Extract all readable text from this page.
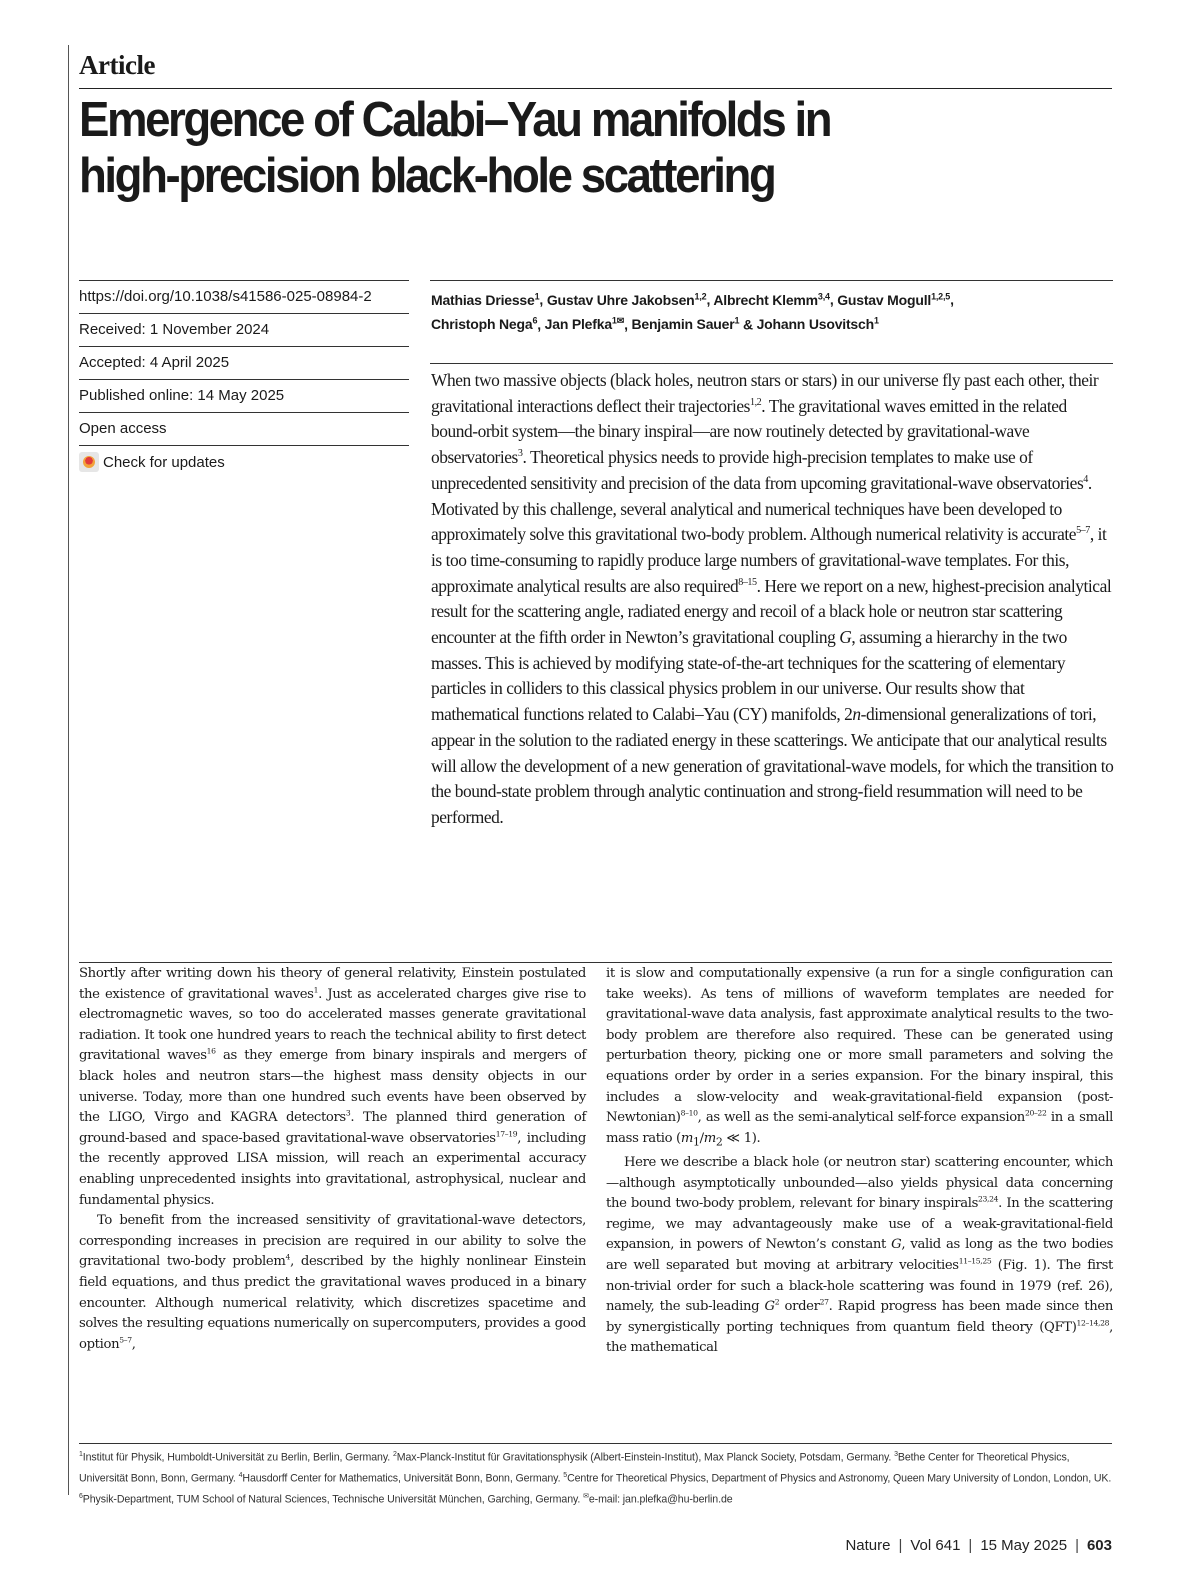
Article
Emergence of Calabi–Yau manifolds in
high-precision black-hole scattering
https://doi.org/10.1038/s41586-025-08984-2
Received: 1 November 2024
Accepted: 4 April 2025
Published online: 14 May 2025
Open access
Check for updates
Mathias Driesse$^1$, Gustav Uhre Jakobsen$^{1,2}$, Albrecht Klemm$^{3,4}$, Gustav Mogull$^{1,2,5}$,
Christoph Nega$^6$, Jan Plefka$^{1✉}$, Benjamin Sauer$^1$ & Johann Usovitsch$^1$
When two massive objects (black holes, neutron stars or stars) in our universe fly past each other, their gravitational interactions deflect their trajectories$^{1,2}$. The gravitational waves emitted in the related bound-orbit system—the binary inspiral—are now routinely detected by gravitational-wave observatories$^3$. Theoretical physics needs to provide high-precision templates to make use of unprecedented sensitivity and precision of the data from upcoming gravitational-wave observatories$^4$. Motivated by this challenge, several analytical and numerical techniques have been developed to approximately solve this gravitational two-body problem. Although numerical relativity is accurate$^{5-7}$, it is too time-consuming to rapidly produce large numbers of gravitational-wave templates. For this, approximate analytical results are also required$^{8-15}$. Here we report on a new, highest-precision analytical result for the scattering angle, radiated energy and recoil of a black hole or neutron star scattering encounter at the fifth order in Newton’s gravitational coupling G, assuming a hierarchy in the two masses. This is achieved by modifying state-of-the-art techniques for the scattering of elementary particles in colliders to this classical physics problem in our universe. Our results show that mathematical functions related to Calabi–Yau (CY) manifolds, 2n-dimensional generalizations of tori, appear in the solution to the radiated energy in these scatterings. We anticipate that our analytical results will allow the development of a new generation of gravitational-wave models, for which the transition to the bound-state problem through analytic continuation and strong-field resummation will need to be performed.

Shortly after writing down his theory of general relativity, Einstein postulated the existence of gravitational waves$^1$. Just as accelerated charges give rise to electromagnetic waves, so too do accelerated masses generate gravitational radiation. It took one hundred years to reach the technical ability to first detect gravitational waves$^{16}$ as they emerge from binary inspirals and mergers of black holes and neutron stars—the highest mass density objects in our universe. Today, more than one hundred such events have been observed by the LIGO, Virgo and KAGRA detectors$^3$. The planned third generation of ground-based and space-based gravitational-wave observatories$^{17-19}$, including the recently approved LISA mission, will reach an experimental accuracy enabling unprecedented insights into gravitational, astrophysical, nuclear and fundamental physics.

To benefit from the increased sensitivity of gravitational-wave detectors, corresponding increases in precision are required in our ability to solve the gravitational two-body problem$^4$, described by the highly nonlinear Einstein field equations, and thus predict the gravitational waves produced in a binary encounter. Although numerical relativity, which discretizes spacetime and solves the resulting equations numerically on supercomputers, provides a good option$^{5-7}$,

it is slow and computationally expensive (a run for a single configuration can take weeks). As tens of millions of waveform templates are needed for gravitational-wave data analysis, fast approximate analytical results to the two-body problem are therefore also required. These can be generated using perturbation theory, picking one or more small parameters and solving the equations order by order in a series expansion. For the binary inspiral, this includes a slow-velocity and weak-gravitational-field expansion (post-Newtonian)$^{8-10}$, as well as the semi-analytical self-force expansion$^{20-22}$ in a small mass ratio ($m_1/m_2$ ≪ 1).

Here we describe a black hole (or neutron star) scattering encounter, which—although asymptotically unbounded—also yields physical data concerning the bound two-body problem, relevant for binary inspirals$^{23,24}$. In the scattering regime, we may advantageously make use of a weak-gravitational-field expansion, in powers of Newton’s constant G, valid as long as the two bodies are well separated but moving at arbitrary velocities$^{11-15,25}$ (Fig. 1). The first non-trivial order for such a black-hole scattering was found in 1979 (ref. 26), namely, the sub-leading $G^2$ order$^{27}$. Rapid progress has been made since then by synergistically porting techniques from quantum field theory (QFT)$^{12-14,28}$, the mathematical

$^1$Institut für Physik, Humboldt-Universität zu Berlin, Berlin, Germany. $^2$Max-Planck-Institut für Gravitationsphysik (Albert-Einstein-Institut), Max Planck Society, Potsdam, Germany. $^3$Bethe Center for Theoretical Physics, Universität Bonn, Bonn, Germany. $^4$Hausdorff Center for Mathematics, Universität Bonn, Bonn, Germany. $^5$Centre for Theoretical Physics, Department of Physics and Astronomy, Queen Mary University of London, London, UK. $^6$Physik-Department, TUM School of Natural Sciences, Technische Universität München, Garching, Germany. ✉e-mail: jan.plefka@hu-berlin.de
Nature | Vol 641 | 15 May 2025 | 603
